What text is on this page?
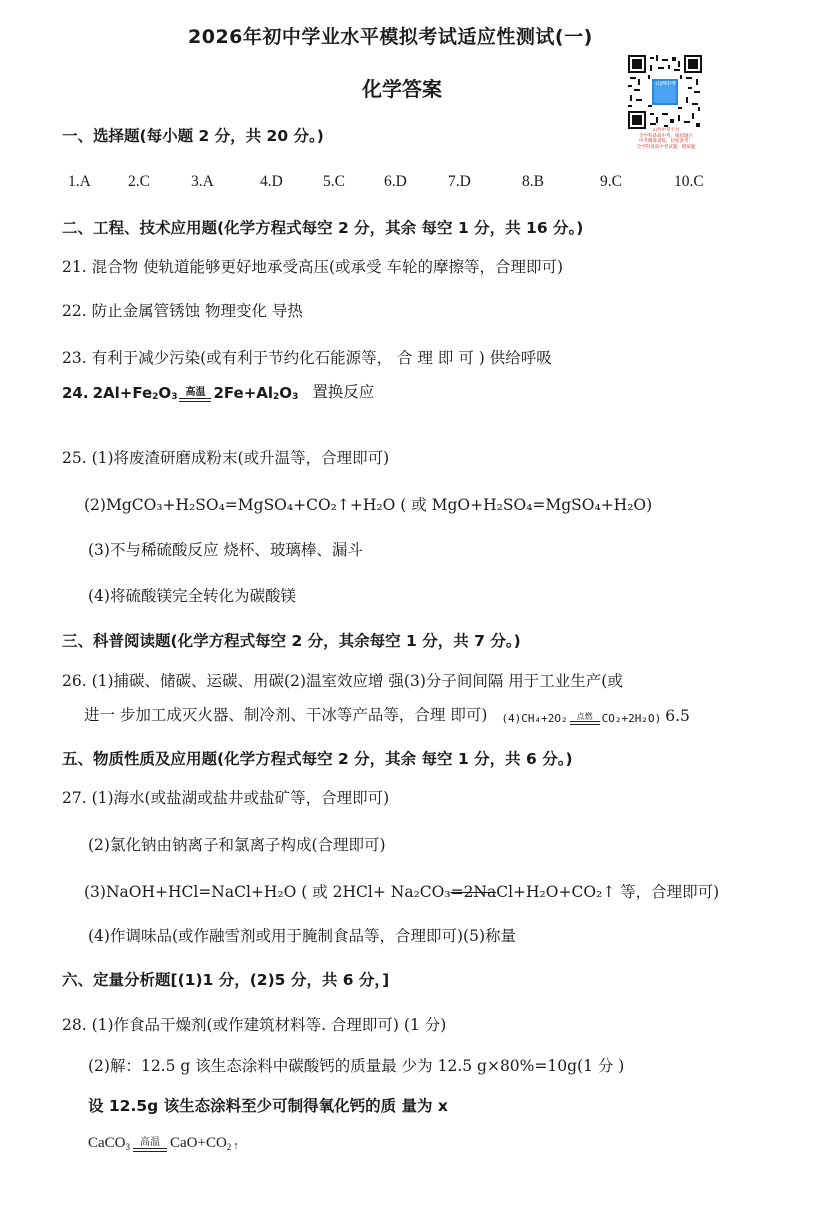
2026年初中学业水平模拟考试适应性测试(一)
化学答案	山西中考
山西中考平台
全学科备战中考，模拟题目
中考精准训练，轻松备考！
全学科备战中考试题，模拟题
一、选择题(每小题 2 分，共 20 分。)
1.A 2.C	3.A	4.D	5.C	6.D	7.D	8.B	9.C	10.C
二、工程、技术应用题(化学方程式每空 2 分，其余 每空 1 分，共 16 分。)
21. 混合物 使轨道能够更好地承受高压(或承受 车轮的摩擦等，合理即可)
22. 防止金属管锈蚀 物理变化 导热
23. 有利于减少污染(或有利于节约化石能源等， 合 理 即 可 ) 供给呼吸
24. $2Al+Fe_2$ $O_3$ 高温 $2Fe+Al_2$ $O_3$ 置换反应
25. (1)将废渣研磨成粉末(或升温等，合理即可)
(2)MgCO₃+H₂SO₄=MgSO₄+CO₂↑+H₂O ( 或 MgO+H₂SO₄=MgSO₄+H₂O)
(3)不与稀硫酸反应 烧杯、玻璃棒、漏斗
(4)将硫酸镁完全转化为碳酸镁
三、科普阅读题(化学方程式每空 2 分，其余每空 1 分，共 7 分。)
26. (1)捕碳、储碳、运碳、用碳(2)温室效应增 强(3)分子间间隔 用于工业生产(或
进一 步加工成灭火器、制冷剂、干冰等产品等，合理 即可) (4)CH₄+2O₂	点燃 CO₂+2H₂O) 6.5
五、物质性质及应用题(化学方程式每空 2 分，其余 每空 1 分，共 6 分。)
27. (1)海水(或盐湖或盐井或盐矿等，合理即可)
(2)氯化钠由钠离子和氯离子构成(合理即可)
(3)NaOH+HCl=NaCl+H₂O ( 或 2HCl+ Na₂CO₃=2NaCl+H₂O+CO₂↑ 等，合理即可)
(4)作调味品(或作融雪剂或用于腌制食品等，合理即可)(5)称量
六、定量分析题[(1)1 分，(2)5 分，共 6 分，]
28. (1)作食品干燥剂(或作建筑材料等. 合理即可) (1 分)
(2)解：12.5 g 该生态涂料中碳酸钙的质量最 少为 12.5 g×80%=10g(1 分 )
设 12.5g 该生态涂料至少可制得氧化钙的质 量为 x
CaCO$_3$	高温 $CaO+CO_2$ ↑
